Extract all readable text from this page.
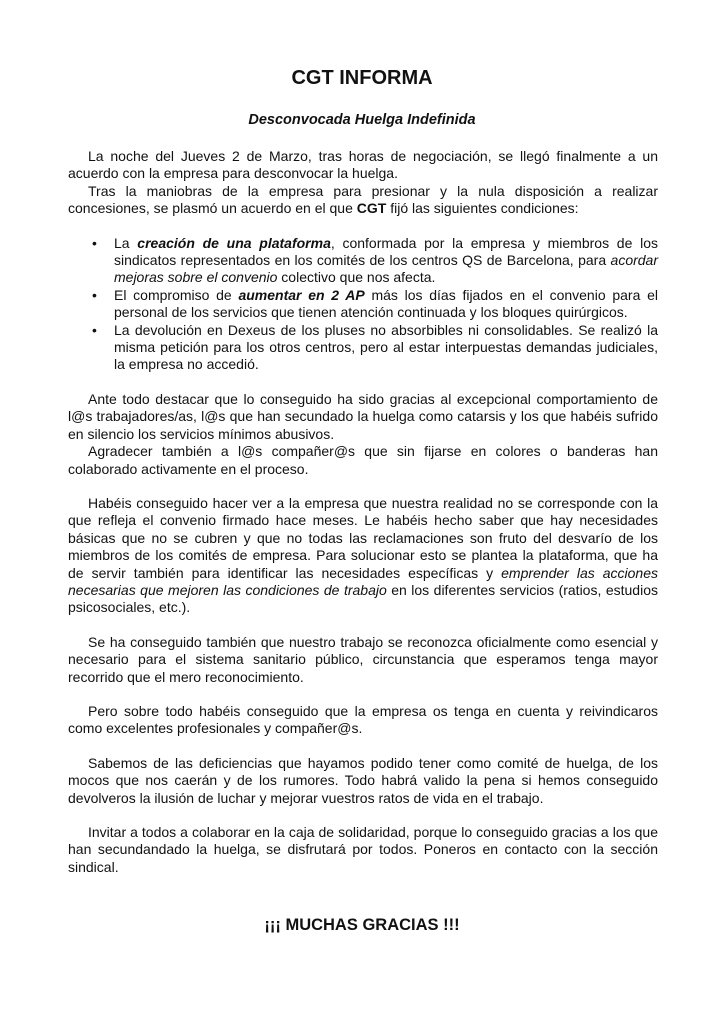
CGT INFORMA
Desconvocada Huelga Indefinida

La noche del Jueves 2 de Marzo, tras horas de negociación, se llegó finalmente a un acuerdo con la empresa para desconvocar la huelga.

Tras la maniobras de la empresa para presionar y la nula disposición a realizar concesiones, se plasmó un acuerdo en el que CGT fijó las siguientes condiciones:

• La creación de una plataforma, conformada por la empresa y miembros de los sindicatos representados en los comités de los centros QS de Barcelona, para acordar mejoras sobre el convenio colectivo que nos afecta.
• El compromiso de aumentar en 2 AP más los días fijados en el convenio para el personal de los servicios que tienen atención continuada y los bloques quirúrgicos.
• La devolución en Dexeus de los pluses no absorbibles ni consolidables. Se realizó la misma petición para los otros centros, pero al estar interpuestas demandas judiciales, la empresa no accedió.

Ante todo destacar que lo conseguido ha sido gracias al excepcional comportamiento de l@s trabajadores/as, l@s que han secundado la huelga como catarsis y los que habéis sufrido en silencio los servicios mínimos abusivos.

Agradecer también a l@s compañer@s que sin fijarse en colores o banderas han colaborado activamente en el proceso.

Habéis conseguido hacer ver a la empresa que nuestra realidad no se corresponde con la que refleja el convenio firmado hace meses. Le habéis hecho saber que hay necesidades básicas que no se cubren y que no todas las reclamaciones son fruto del desvarío de los miembros de los comités de empresa. Para solucionar esto se plantea la plataforma, que ha de servir también para identificar las necesidades específicas y emprender las acciones necesarias que mejoren las condiciones de trabajo en los diferentes servicios (ratios, estudios psicosociales, etc.).

Se ha conseguido también que nuestro trabajo se reconozca oficialmente como esencial y necesario para el sistema sanitario público, circunstancia que esperamos tenga mayor recorrido que el mero reconocimiento.

Pero sobre todo habéis conseguido que la empresa os tenga en cuenta y reivindicaros como excelentes profesionales y compañer@s.

Sabemos de las deficiencias que hayamos podido tener como comité de huelga, de los mocos que nos caerán y de los rumores. Todo habrá valido la pena si hemos conseguido devolveros la ilusión de luchar y mejorar vuestros ratos de vida en el trabajo.

Invitar a todos a colaborar en la caja de solidaridad, porque lo conseguido gracias a los que han secundandado la huelga, se disfrutará por todos. Poneros en contacto con la sección sindical.

¡¡¡ MUCHAS GRACIAS !!!
